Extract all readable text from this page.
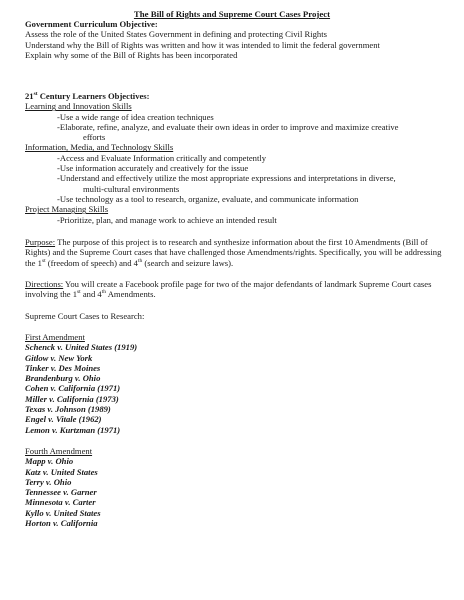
The Bill of Rights and Supreme Court Cases Project

Government Curriculum Objective:

Assess the role of the United States Government in defining and protecting Civil Rights

Understand why the Bill of Rights was written and how it was intended to limit the federal government

Explain why some of the Bill of Rights has been incorporated

21st Century Learners Objectives:

Learning and Innovation Skills

-Use a wide range of idea creation techniques

-Elaborate, refine, analyze, and evaluate their own ideas in order to improve and maximize creative

efforts

Information, Media, and Technology Skills

-Access and Evaluate Information critically and competently

-Use information accurately and creatively for the issue

-Understand and effectively utilize the most appropriate expressions and interpretations in diverse,

multi-cultural environments

-Use technology as a tool to research, organize, evaluate, and communicate information

Project Managing Skills

-Prioritize, plan, and manage work to achieve an intended result

Purpose: The purpose of this project is to research and synthesize information about the first 10 Amendments (Bill of Rights) and the Supreme Court cases that have challenged those Amendments/rights. Specifically, you will be addressing the 1st (freedom of speech) and 4th (search and seizure laws).

Directions: You will create a Facebook profile page for two of the major defendants of landmark Supreme Court cases involving the 1st and 4th Amendments.

Supreme Court Cases to Research:

First Amendment

Schenck v. United States (1919)

Gitlow v. New York

Tinker v. Des Moines

Brandenburg v. Ohio

Cohen v. California (1971)

Miller v. California (1973)

Texas v. Johnson (1989)

Engel v. Vitale (1962)

Lemon v. Kurtzman (1971)

Fourth Amendment

Mapp v. Ohio

Katz v. United States

Terry v. Ohio

Tennessee v. Garner

Minnesota v. Carter

Kyllo v. United States

Horton v. California
